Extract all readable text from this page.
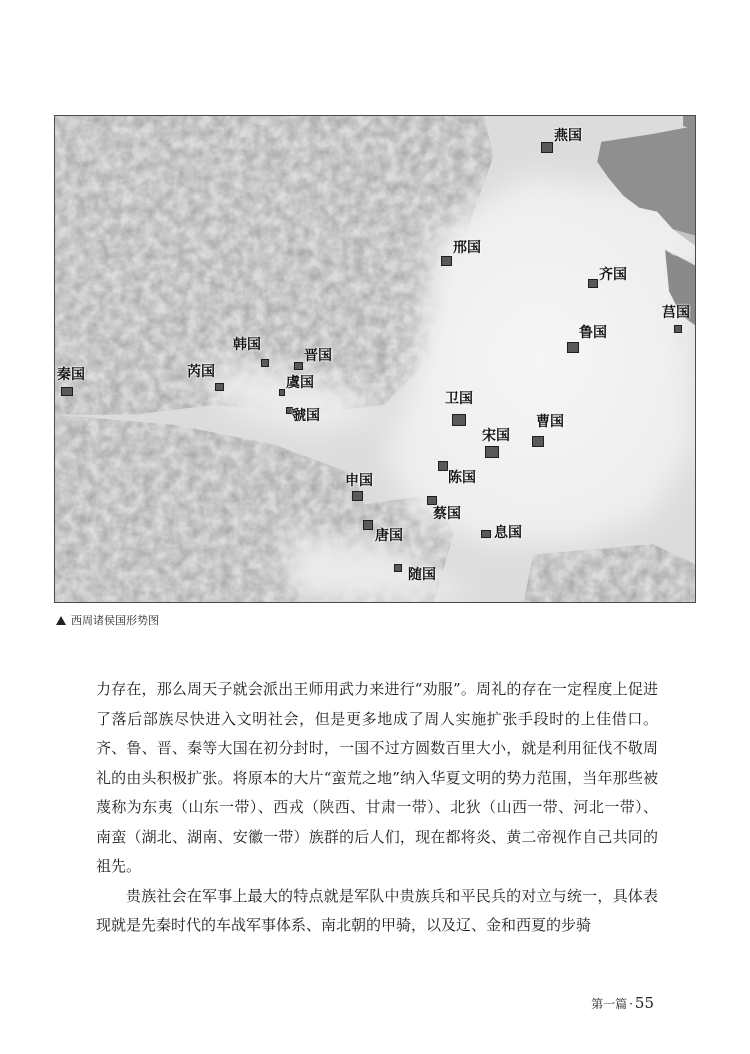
燕国
邢国
齐国
莒国
鲁国
韩国
晋国
芮国
虞国
秦国
虢国
卫国
曹国
宋国
陈国
申国
蔡国
息国
唐国
随国
西周诸侯国形势图

力存在，那么周天子就会派出王师用武力来进行“劝服”。周礼的存在一定程度上促进了落后部族尽快进入文明社会，但是更多地成了周人实施扩张手段时的上佳借口。齐、鲁、晋、秦等大国在初分封时，一国不过方圆数百里大小，就是利用征伐不敬周礼的由头积极扩张。将原本的大片“蛮荒之地”纳入华夏文明的势力范围，当年那些被蔑称为东夷（山东一带）、西戎（陕西、甘肃一带）、北狄（山西一带、河北一带）、南蛮（湖北、湖南、安徽一带）族群的后人们，现在都将炎、黄二帝视作自己共同的祖先。

贵族社会在军事上最大的特点就是军队中贵族兵和平民兵的对立与统一，具体表现就是先秦时代的车战军事体系、南北朝的甲骑，以及辽、金和西夏的步骑

第一篇 · 55
